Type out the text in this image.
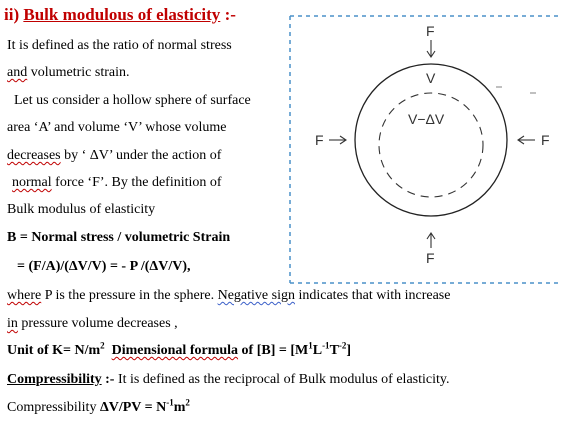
F
F
F	F
V
V−ΔV
ii) Bulk modulous of elasticity :-
It is defined as the ratio of normal stress
and volumetric strain.
Let us consider a hollow sphere of surface
area ‘A’ and volume ‘V’ whose volume
decreases by ‘ ΔV’ under the action of
normal force ‘F’. By the definition of
Bulk modulus of elasticity
B = Normal stress / volumetric Strain
= (F/A)/(ΔV/V) = - P /(ΔV/V),
where P is the pressure in the sphere. Negative sign indicates that with increase
in pressure volume decreases ,
Unit of $K= N/m^2$ Dimensional formula of $[B] = [M^1L^{-1}T^{-2}]$
Compressibility :- It is defined as the reciprocal of Bulk modulus of elasticity.
Compressibility $\Delta V/PV = N^{-1}m^2$
